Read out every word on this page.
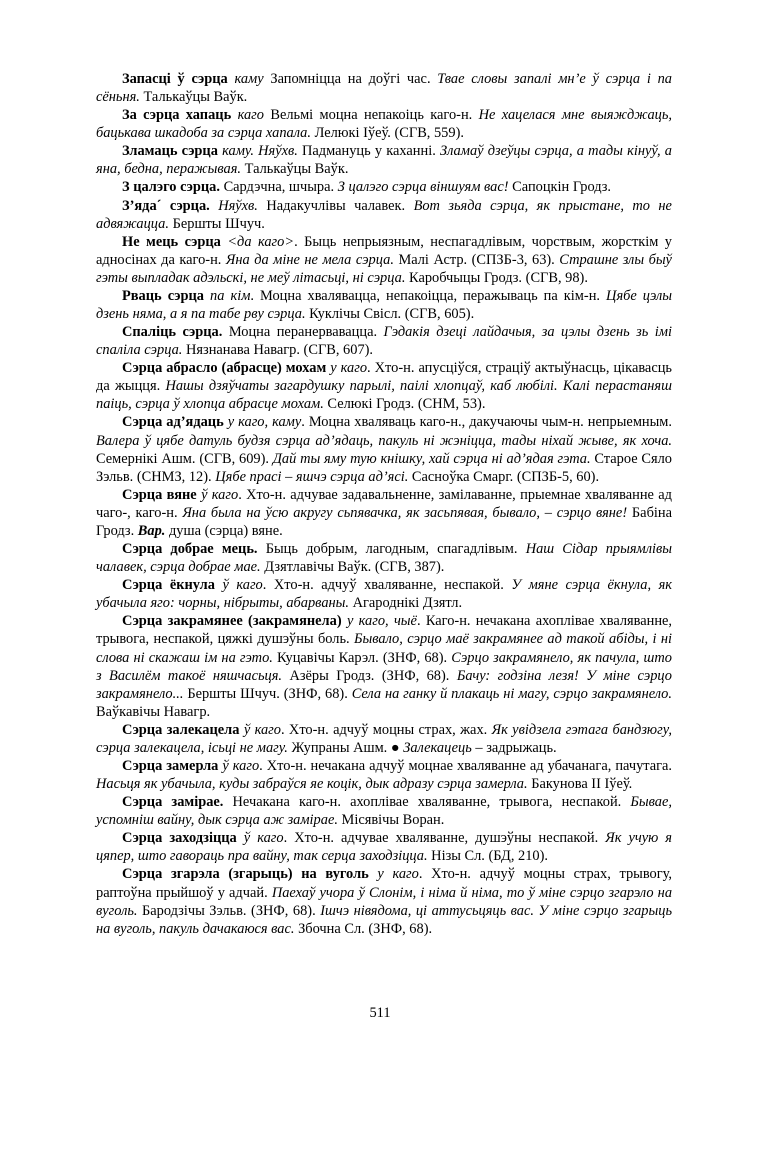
Запасці ў сэрца каму Запомніцца на доўгі час. Твае словы запалі мн’е ў сэрца і па сёньня. Талькаўцы Ваўк.

За сэрца хапаць каго Вельмі моцна непакоіць каго-н. Не хацелася мне выяжджаць, бацькава шкадоба за сэрца хапала. Лелюкі Іўеў. (СГВ, 559).

Зламаць сэрца каму. Няўхв. Падмануць у каханні. Зламаў дзеўцы сэрца, а тады кінуў, а яна, бедна, перажывая. Талькаўцы Ваўк.

З цалэго сэрца. Сардэчна, шчыра. З цалэго сэрца віншуям вас! Сапоцкін Гродз.

З’яда´ сэрца. Няўхв. Надакучлівы чалавек. Вот зьяда сэрца, як прыстане, то не адвяжацца. Бершты Шчуч.

Не мець сэрца <да каго>. Быць непрыязным, неспагадлівым, чорствым, жорсткім у адносінах да каго-н. Яна да міне не мела сэрца. Малі Астр. (СПЗБ-3, 63). Страшне злы быў гэты выпладак адэльскі, не меў літасьці, ні сэрца. Каробчыцы Гродз. (СГВ, 98).

Рваць сэрца па кім. Моцна хвалявацца, непакоіцца, перажываць па кім-н. Цябе цэлы дзень няма, а я па табе рву сэрца. Куклічы Свісл. (СГВ, 605).

Спаліць сэрца. Моцна перанервавацца. Гэдакія дзеці лайдачыя, за цэлы дзень зь імі спаліла сэрца. Нязнанава Навагр. (СГВ, 607).

Сэрца абрасло (абрасце) мохам у каго. Хто-н. апусціўся, страціў актыўнасць, цікавасць да жыцця. Нашы дзяўчаты загардушку парылі, паілі хлопцаў, каб любілі. Калі перастаняш паіць, сэрца ў хлопца абрасце мохам. Селюкі Гродз. (СНМ, 53).

Сэрца ад’ядаць у каго, каму. Моцна хваляваць каго-н., дакучаючы чым-н. непрыемным. Валера ў цябе датуль будзя сэрца ад’ядаць, пакуль ні жэніцца, тады ніхай жыве, як хоча. Семернікі Ашм. (СГВ, 609). Дай ты яму тую кнішку, хай сэрца ні ад’ядая гэта. Старое Сяло Зэльв. (СНМЗ, 12). Цябе прасі – яшчэ сэрца ад’ясі. Сасноўка Смарг. (СПЗБ-5, 60).

Сэрца вяне ў каго. Хто-н. адчувае задавальненне, замілаванне, прыемнае хваляванне ад чаго-, каго-н. Яна была на ўсю акругу сьпявачка, як засьпявая, бывало, – сэрцо вяне! Бабіна Гродз. Вар. душа (сэрца) вяне.

Сэрца добрае мець. Быць добрым, лагодным, спагадлівым. Наш Сідар прыямлівы чалавек, сэрца добрае мае. Дзятлавічы Ваўк. (СГВ, 387).

Сэрца ёкнула ў каго. Хто-н. адчуў хваляванне, неспакой. У мяне сэрца ёкнула, як убачыла яго: чорны, нібрыты, абарваны. Агароднікі Дзятл.

Сэрца закрамянее (закрамянела) у каго, чыё. Каго-н. нечакана ахоплівае хваляванне, трывога, неспакой, цяжкі душэўны боль. Бывало, сэрцо маё закрамянее ад такой абіды, і ні слова ні скажаш ім на гэто. Куцавічы Карэл. (ЗНФ, 68). Сэрцо закрамянело, як пачула, што з Василём такоё няшчасьця. Азёры Гродз. (ЗНФ, 68). Бачу: годзіна лезя! У міне сэрцо закрамянело... Бершты Шчуч. (ЗНФ, 68). Села на ганку й плакаць ні магу, сэрцо закрамянело. Ваўкавічы Навагр.

Сэрца залекацела ў каго. Хто-н. адчуў моцны страх, жах. Як увідзела гэтага бандзюгу, сэрца залекацела, ісьці не магу. Жупраны Ашм. ● Залекацець – задрыжаць.

Сэрца замерла ў каго. Хто-н. нечакана адчуў моцнае хваляванне ад убачанага, пачутага. Насьця як убачыла, куды забраўся яе коцік, дык адразу сэрца замерла. Бакунова ІІ Іўеў.

Сэрца замірае. Нечакана каго-н. ахоплівае хваляванне, трывога, неспакой. Бывае, успомніш вайну, дык сэрца аж замірае. Місявічы Воран.

Сэрца заходзіцца ў каго. Хто-н. адчувае хваляванне, душэўны неспакой. Як учую я цяпер, што гавораць пра вайну, так серца заходзіцца. Нізы Сл. (БД, 210).

Сэрца згарэла (згарыць) на вуголь у каго. Хто-н. адчуў моцны страх, трывогу, раптоўна прыйшоў у адчай. Паехаў учора ў Слонім, і німа й німа, то ў міне сэрцо згарэло на вуголь. Бародзічы Зэльв. (ЗНФ, 68). Ішчэ нівядома, ці аттусьцяць вас. У міне сэрцо згарыць на вуголь, пакуль дачакаюся вас. Збочна Сл. (ЗНФ, 68).

511
